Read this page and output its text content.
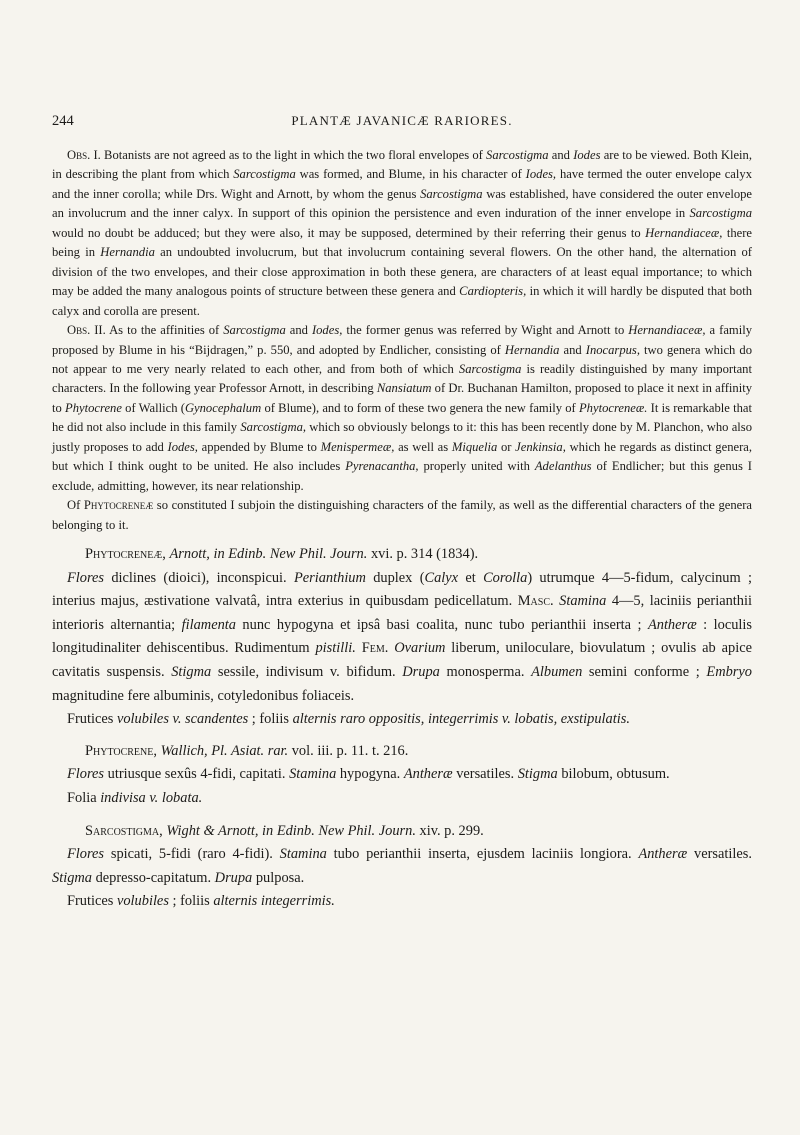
244	PLANTÆ JAVANICÆ RARIORES.

Obs. I. Botanists are not agreed as to the light in which the two floral envelopes of Sarcostigma and Iodes are to be viewed. Both Klein, in describing the plant from which Sarcostigma was formed, and Blume, in his character of Iodes, have termed the outer envelope calyx and the inner corolla; while Drs. Wight and Arnott, by whom the genus Sarcostigma was established, have considered the outer envelope an involucrum and the inner calyx. In support of this opinion the persistence and even induration of the inner envelope in Sarcostigma would no doubt be adduced; but they were also, it may be supposed, determined by their referring their genus to Hernandiaceæ, there being in Hernandia an undoubted involucrum, but that involucrum containing several flowers. On the other hand, the alternation of division of the two envelopes, and their close approximation in both these genera, are characters of at least equal importance; to which may be added the many analogous points of structure between these genera and Cardiopteris, in which it will hardly be disputed that both calyx and corolla are present.

Obs. II. As to the affinities of Sarcostigma and Iodes, the former genus was referred by Wight and Arnott to Hernandiaceæ, a family proposed by Blume in his “Bijdragen,” p. 550, and adopted by Endlicher, consisting of Hernandia and Inocarpus, two genera which do not appear to me very nearly related to each other, and from both of which Sarcostigma is readily distinguished by many important characters. In the following year Professor Arnott, in describing Nansiatum of Dr. Buchanan Hamilton, proposed to place it next in affinity to Phytocrene of Wallich (Gynocephalum of Blume), and to form of these two genera the new family of Phytocreneæ. It is remarkable that he did not also include in this family Sarcostigma, which so obviously belongs to it: this has been recently done by M. Planchon, who also justly proposes to add Iodes, appended by Blume to Menispermeæ, as well as Miquelia or Jenkinsia, which he regards as distinct genera, but which I think ought to be united. He also includes Pyrenacantha, properly united with Adelanthus of Endlicher; but this genus I exclude, admitting, however, its near relationship.

Of Phytocreneæ so constituted I subjoin the distinguishing characters of the family, as well as the differential characters of the genera belonging to it.

Phytocreneæ, Arnott, in Edinb. New Phil. Journ. xvi. p. 314 (1834).

Flores diclines (dioici), inconspicui. Perianthium duplex (Calyx et Corolla) utrumque 4—5-fidum, calycinum ; interius majus, æstivatione valvatâ, intra exterius in quibusdam pedicellatum. Masc. Stamina 4—5, laciniis perianthii interioris alternantia; filamenta nunc hypogyna et ipsâ basi coalita, nunc tubo perianthii inserta ; Antheræ : loculis longitudinaliter dehiscentibus. Rudimentum pistilli. Fem. Ovarium liberum, uniloculare, biovulatum ; ovulis ab apice cavitatis suspensis. Stigma sessile, indivisum v. bifidum. Drupa monosperma. Albumen semini conforme ; Embryo magnitudine fere albuminis, cotyledonibus foliaceis.

Frutices volubiles v. scandentes ; foliis alternis raro oppositis, integerrimis v. lobatis, exstipulatis.

Phytocrene, Wallich, Pl. Asiat. rar. vol. iii. p. 11. t. 216.

Flores utriusque sexûs 4-fidi, capitati. Stamina hypogyna. Antheræ versatiles. Stigma bilobum, obtusum.

Folia indivisa v. lobata.

Sarcostigma, Wight & Arnott, in Edinb. New Phil. Journ. xiv. p. 299.

Flores spicati, 5-fidi (raro 4-fidi). Stamina tubo perianthii inserta, ejusdem laciniis longiora. Antheræ versatiles. Stigma depresso-capitatum. Drupa pulposa.

Frutices volubiles ; foliis alternis integerrimis.
